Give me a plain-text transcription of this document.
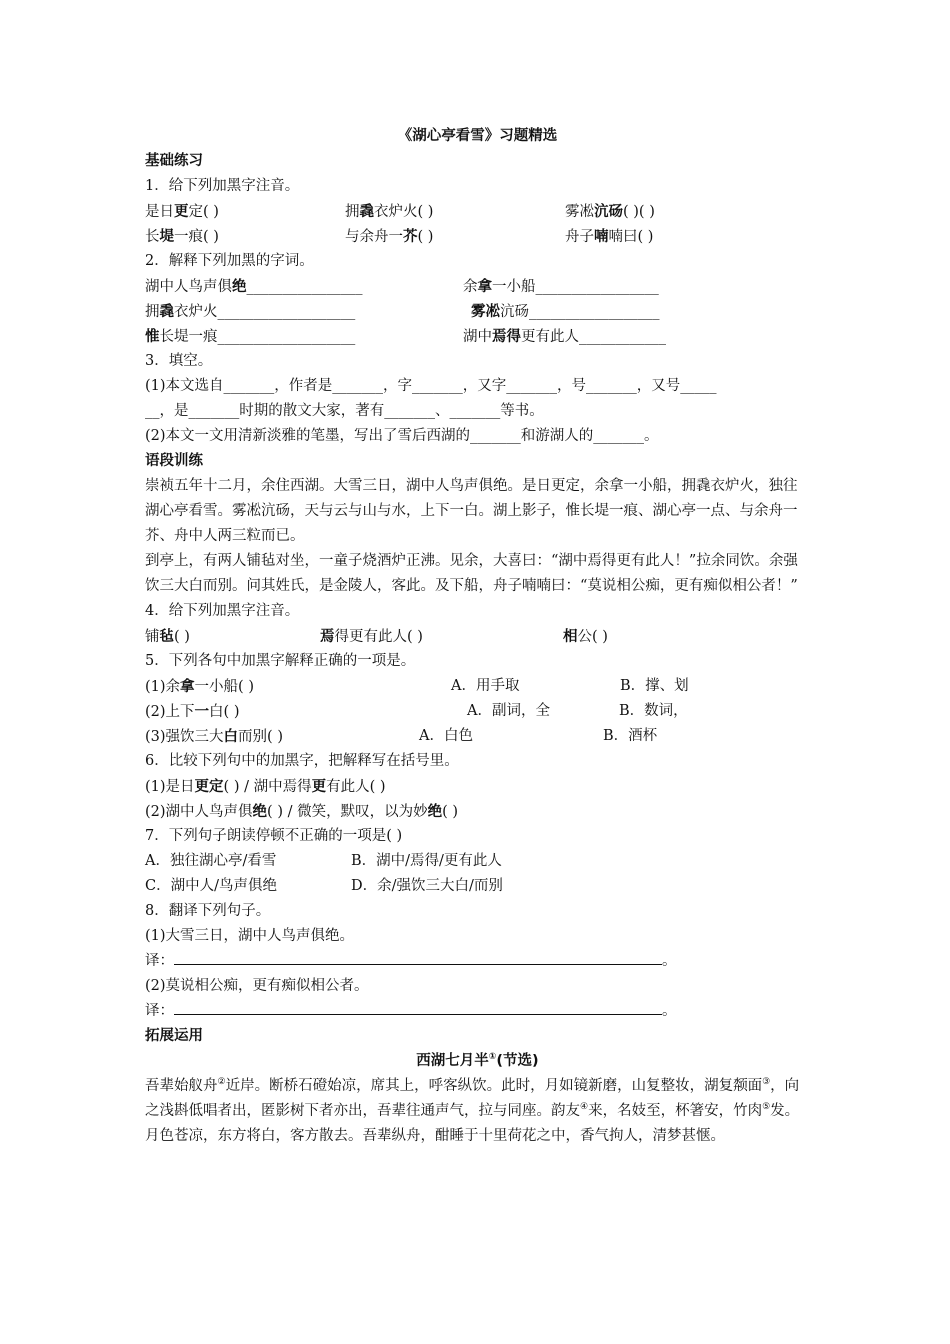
《湖心亭看雪》习题精选
基础练习
1．给下列加黑字注音。
是日更定( )	拥毳衣炉火( )	雾凇沆砀( )( )
长堤一痕( )	与余舟一芥( )	舟子喃喃曰( )
2．解释下列加黑的字词。
湖中人鸟声俱绝________________	余拿一小船_________________
拥毳衣炉火___________________	雾凇沆砀__________________
惟长堤一痕___________________	湖中焉得更有此人____________
3．填空。
(1)本文选自_______，作者是_______，字_______，又字_______，号_______，又号_____
__，是_______时期的散文大家，著有_______、_______等书。
(2)本文一文用清新淡雅的笔墨，写出了雪后西湖的_______和游湖人的_______。
语段训练
崇祯五年十二月，余住西湖。大雪三日，湖中人鸟声俱绝。是日更定，余拿一小船，拥毳衣炉火，独往湖心亭看雪。雾凇沆砀，天与云与山与水，上下一白。湖上影子，惟长堤一痕、湖心亭一点、与余舟一芥、舟中人两三粒而已。
到亭上，有两人铺毡对坐，一童子烧酒炉正沸。见余，大喜曰：“湖中焉得更有此人！”拉余同饮。余强饮三大白而别。问其姓氏，是金陵人，客此。及下船，舟子喃喃曰：“莫说相公痴，更有痴似相公者！”
4．给下列加黑字注音。
铺毡( )	焉得更有此人( )	相公( )
5．下列各句中加黑字解释正确的一项是。
(1)余拿一小船( )	A．用手取	B．撑、划
(2)上下一白( )	A．副词，全	B．数词，
(3)强饮三大白而别( )	A．白色	B．酒杯
6．比较下列句中的加黑字，把解释写在括号里。
(1)是日更定( ) / 湖中焉得更有此人( )
(2)湖中人鸟声俱绝( ) / 微笑，默叹，以为妙绝( )
7．下列句子朗读停顿不正确的一项是( )
A．独往湖心亭/看雪	B．湖中/焉得/更有此人
C．湖中人/鸟声俱绝	D．余/强饮三大白/而别
8．翻译下列句子。
(1)大雪三日，湖中人鸟声俱绝。
译：	。
(2)莫说相公痴，更有痴似相公者。
译：	。
拓展运用
西湖七月半①(节选)
吾辈始舣舟②近岸。断桥石磴始凉，席其上，呼客纵饮。此时，月如镜新磨，山复整妆，湖复颒面③，向之浅斟低唱者出，匿影树下者亦出，吾辈往通声气，拉与同座。韵友④来，名妓至，杯箸安，竹肉⑤发。月色苍凉，东方将白，客方散去。吾辈纵舟，酣睡于十里荷花之中，香气拘人，清梦甚惬。
